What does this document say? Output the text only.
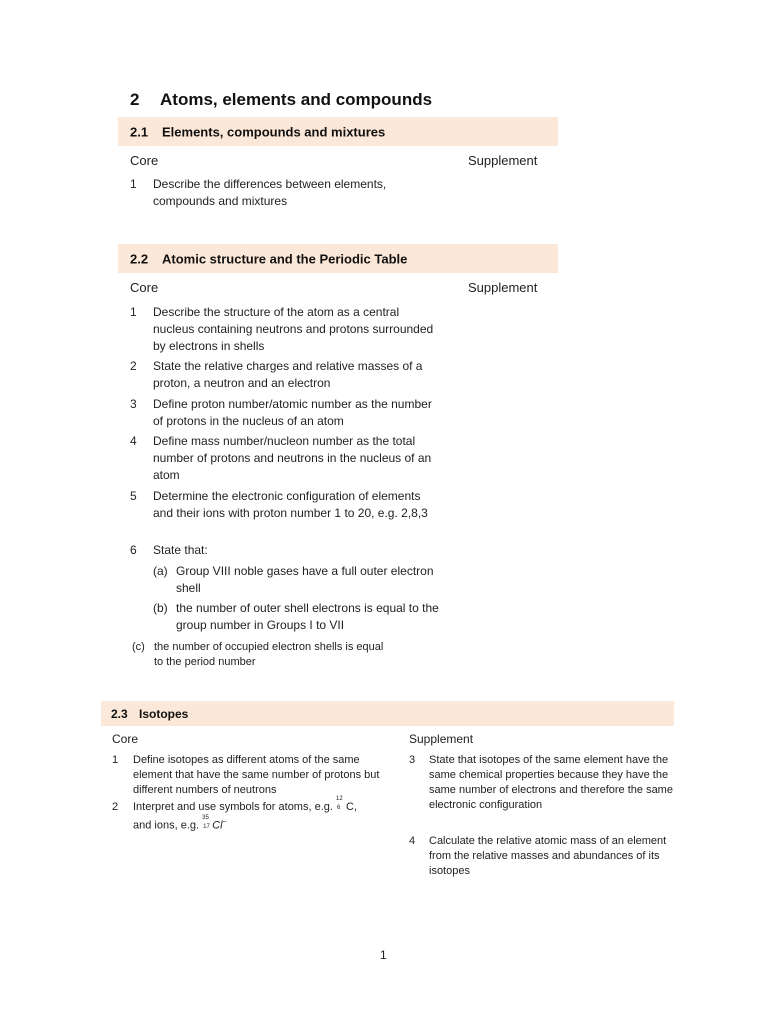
2 Atoms, elements and compounds
2.1 Elements, compounds and mixtures
Core	Supplement
1 Describe the differences between elements, compounds and mixtures
2.2 Atomic structure and the Periodic Table
Core	Supplement
1 Describe the structure of the atom as a central nucleus containing neutrons and protons surrounded by electrons in shells
2 State the relative charges and relative masses of a proton, a neutron and an electron
3 Define proton number/atomic number as the number of protons in the nucleus of an atom
4 Define mass number/nucleon number as the total number of protons and neutrons in the nucleus of an atom
5 Determine the electronic configuration of elements and their ions with proton number 1 to 20, e.g. 2,8,3
6 State that:
(a) Group VIII noble gases have a full outer electron shell
(b) the number of outer shell electrons is equal to the group number in Groups I to VII
(c) the number of occupied electron shells is equal to the period number
2.3 Isotopes
Core	Supplement
1 Define isotopes as different atoms of the same element that have the same number of protons but different numbers of neutrons
2 Interpret and use symbols for atoms, e.g.
12
6 C,
and ions, e.g.
35
17 Cl−
3 State that isotopes of the same element have the same chemical properties because they have the same number of electrons and therefore the same electronic configuration
4 Calculate the relative atomic mass of an element from the relative masses and abundances of its isotopes
1
